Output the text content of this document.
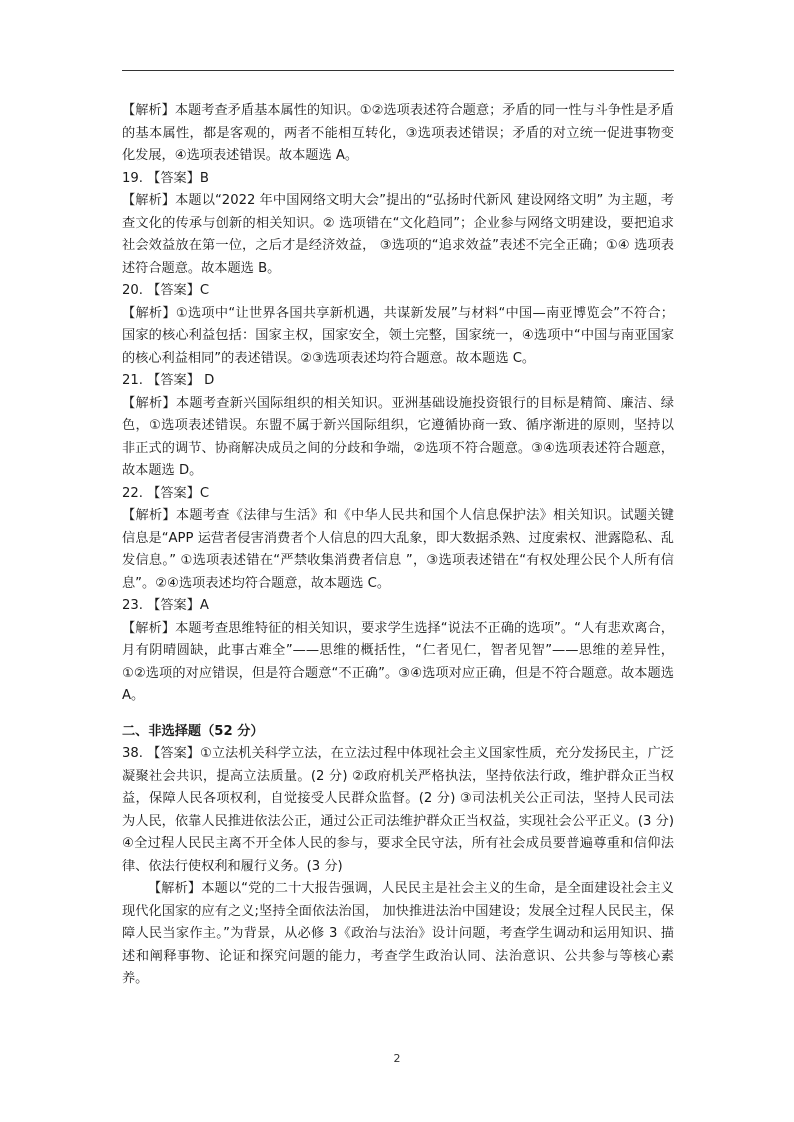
【解析】本题考查矛盾基本属性的知识。①②选项表述符合题意；矛盾的同一性与斗争性是矛盾的基本属性，都是客观的，两者不能相互转化，③选项表述错误；矛盾的对立统一促进事物变化发展，④选项表述错误。故本题选 A。

19. 【答案】B

【解析】本题以“2022 年中国网络文明大会”提出的“弘扬时代新风 建设网络文明” 为主题，考查文化的传承与创新的相关知识。② 选项错在“文化趋同”；企业参与网络文明建设，要把追求社会效益放在第一位，之后才是经济效益， ③选项的“追求效益”表述不完全正确；①④ 选项表述符合题意。故本题选 B。

20. 【答案】C

【解析】①选项中“让世界各国共享新机遇，共谋新发展”与材料“中国—南亚博览会”不符合；国家的核心利益包括：国家主权，国家安全，领土完整，国家统一，④选项中“中国与南亚国家的核心利益相同”的表述错误。②③选项表述均符合题意。故本题选 C。

21. 【答案】 D

【解析】本题考查新兴国际组织的相关知识。亚洲基础设施投资银行的目标是精简、廉洁、绿色，①选项表述错误。东盟不属于新兴国际组织，它遵循协商一致、循序渐进的原则，坚持以非正式的调节、协商解决成员之间的分歧和争端，②选项不符合题意。③④选项表述符合题意，故本题选 D。

22. 【答案】C

【解析】本题考查《法律与生活》和《中华人民共和国个人信息保护法》相关知识。试题关键信息是“APP 运营者侵害消费者个人信息的四大乱象，即大数据杀熟、过度索权、泄露隐私、乱发信息。” ①选项表述错在“严禁收集消费者信息 ”，③选项表述错在“有权处理公民个人所有信息”。②④选项表述均符合题意，故本题选 C。

23. 【答案】A

【解析】本题考查思维特征的相关知识，要求学生选择“说法不正确的选项”。“人有悲欢离合，月有阴晴圆缺，此事古难全”——思维的概括性，“仁者见仁，智者见智”——思维的差异性，①②选项的对应错误，但是符合题意“不正确”。③④选项对应正确，但是不符合题意。故本题选 A。

二、非选择题（52 分）

38. 【答案】①立法机关科学立法，在立法过程中体现社会主义国家性质，充分发扬民主，广泛凝聚社会共识，提高立法质量。(2 分) ②政府机关严格执法，坚持依法行政，维护群众正当权益，保障人民各项权利，自觉接受人民群众监督。(2 分) ③司法机关公正司法，坚持人民司法为人民，依靠人民推进依法公正，通过公正司法维护群众正当权益，实现社会公平正义。(3 分) ④全过程人民民主离不开全体人民的参与，要求全民守法，所有社会成员要普遍尊重和信仰法律、依法行使权利和履行义务。(3 分)

【解析】本题以“党的二十大报告强调，人民民主是社会主义的生命，是全面建设社会主义现代化国家的应有之义;坚持全面依法治国， 加快推进法治中国建设；发展全过程人民民主，保障人民当家作主。”为背景，从必修 3《政治与法治》设计问题，考查学生调动和运用知识、描述和阐释事物、论证和探究问题的能力，考查学生政治认同、法治意识、公共参与等核心素养。

2
